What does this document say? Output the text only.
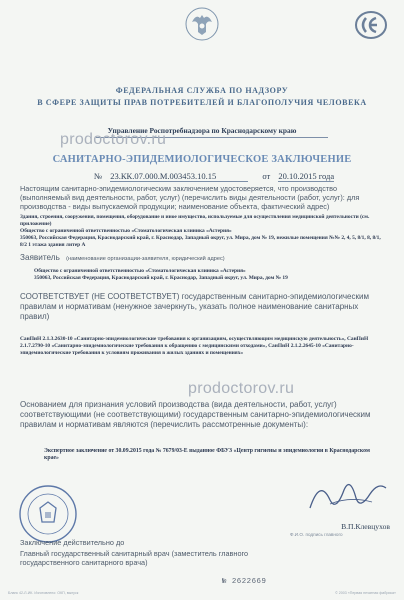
ФЕДЕРАЛЬНАЯ СЛУЖБА ПО НАДЗОРУ
В СФЕРЕ ЗАЩИТЫ ПРАВ ПОТРЕБИТЕЛЕЙ И БЛАГОПОЛУЧИЯ ЧЕЛОВЕКА
Управление Роспотребнадзора по Краснодарскому краю
prodoctorov.ru
САНИТАРНО-ЭПИДЕМИОЛОГИЧЕСКОЕ ЗАКЛЮЧЕНИЕ
№ 23.КК.07.000.М.003453.10.15	от 20.10.2015 года
Настоящим санитарно-эпидемиологическим заключением удостоверяется, что производство (выполняемый вид деятельности, работ, услуг) (перечислить виды деятельности (работ, услуг): для производства - виды выпускаемой продукции; наименование объекта, фактический адрес)
Здания, строения, сооружения, помещения, оборудование и иное имущество, используемые для осуществления медицинской деятельности (см. приложение)
Общество с ограниченной ответственностью «Стоматологическая клиника «Астерия»
350063, Российская Федерация, Краснодарский край, г. Краснодар, Западный округ, ул. Мира, дом № 19, нежилые помещения №№ 2, 4, 5, 8/1, 8, 8/1, 8/2 1 этажа здания литер А
Заявитель (наименование организации-заявителя, юридический адрес)
Общество с ограниченной ответственностью «Стоматологическая клиника «Астерия»
350063, Российская Федерация, Краснодарский край, г. Краснодар, Западный округ, ул. Мира, дом № 19
СООТВЕТСТВУЕТ (НЕ СООТВЕТСТВУЕТ) государственным санитарно-эпидемиологическим правилам и нормативам (ненужное зачеркнуть, указать полное наименование санитарных правил)
СанПиН 2.1.3.2630-10 «Санитарно-эпидемиологические требования к организациям, осуществляющим медицинскую деятельность», СанПиН 2.1.7.2790-10 «Санитарно-эпидемиологические требования к обращению с медицинскими отходами», СанПиН 2.1.2.2645-10 «Санитарно-эпидемиологические требования к условиям проживания в жилых зданиях и помещениях»
prodoctorov.ru
Основанием для признания условий производства (вида деятельности, работ, услуг) соответствующими (не соответствующими) государственным санитарно-эпидемиологическим правилам и нормативам являются (перечислить рассмотренные документы):
Экспертное заключение от 30.09.2015 года № 7679/03-Е выданное ФБУЗ «Центр гигиены и эпидемиологии в Краснодарском крае»
В.П.Клевцухов
Ф.И.О. подпись главного
Заключение действительно до
Главный государственный санитарный врач (заместитель главного государственного санитарного врача)
№ 2622669
Бланк 42-Л-ИК. Изготовлено: ОКП, выпуск	© 2003 «Первая печатная фабрика»
